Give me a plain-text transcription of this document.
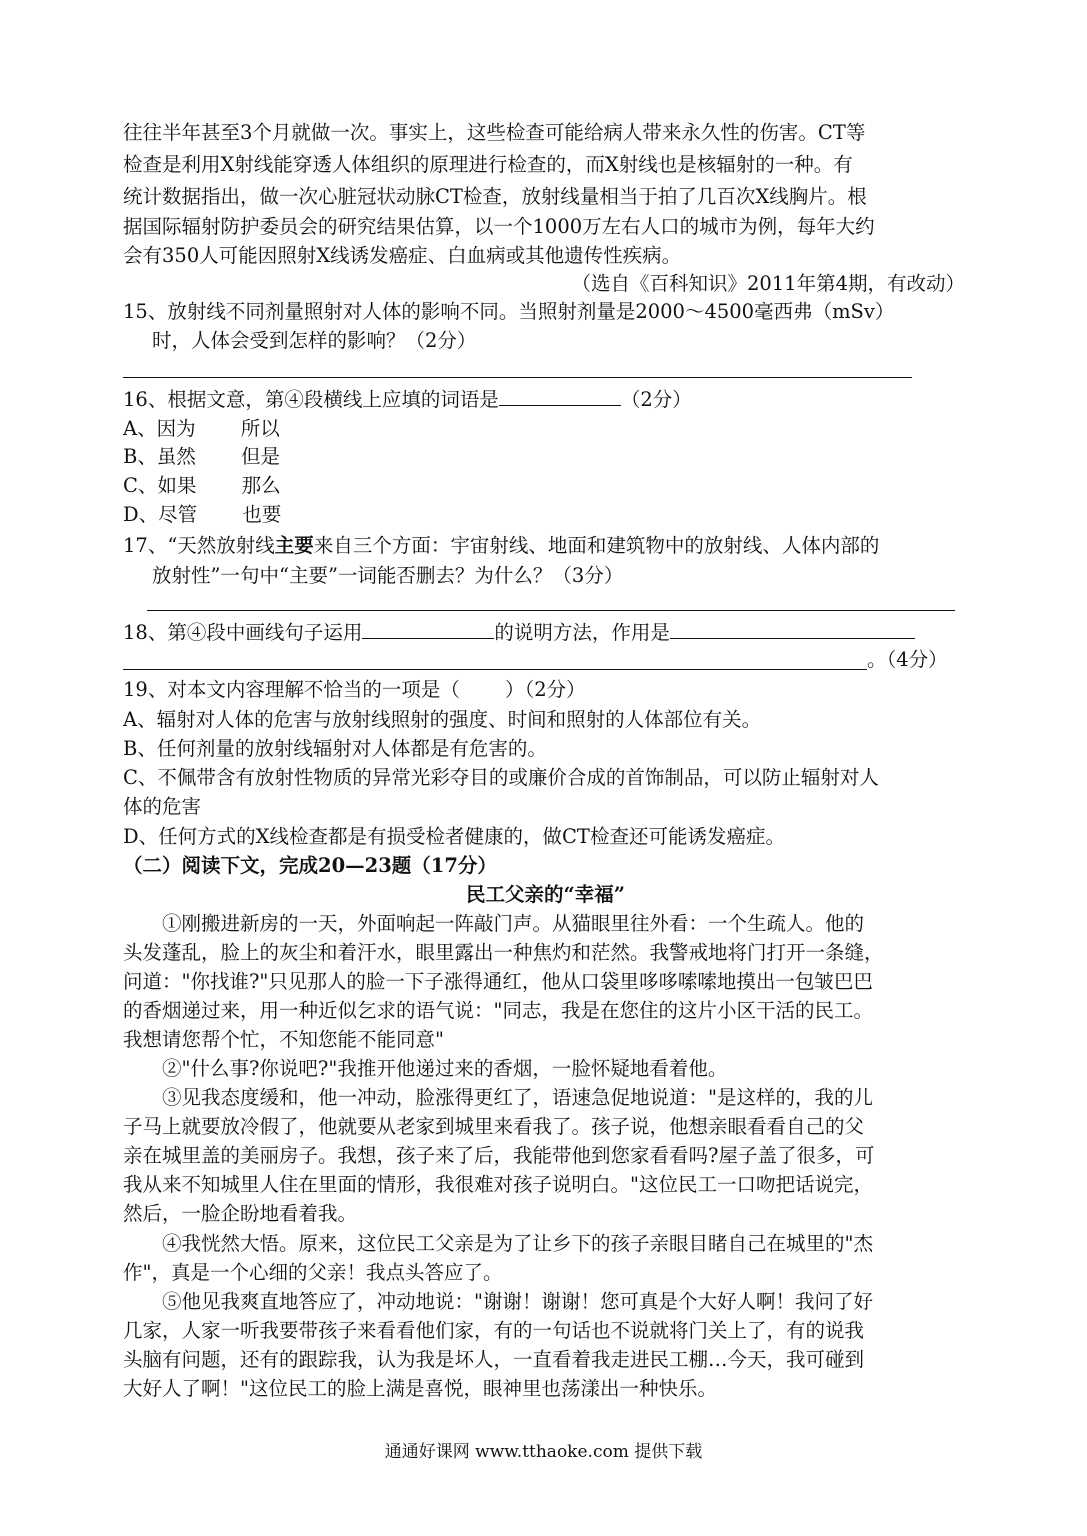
往往半年甚至3个月就做一次。事实上，这些检查可能给病人带来永久性的伤害。CT等
检查是利用X射线能穿透人体组织的原理进行检查的，而X射线也是核辐射的一种。有
统计数据指出，做一次心脏冠状动脉CT检查，放射线量相当于拍了几百次X线胸片。根
据国际辐射防护委员会的研究结果估算，以一个1000万左右人口的城市为例，每年大约
会有350人可能因照射X线诱发癌症、白血病或其他遗传性疾病。
（选自《百科知识》2011年第4期，有改动）
15、放射线不同剂量照射对人体的影响不同。当照射剂量是2000～4500毫西弗（mSv）
时，人体会受到怎样的影响？（2分）
16、根据文意，第④段横线上应填的词语是	（2分）
A、因为　　 所以
B、虽然　　 但是
C、如果　　 那么
D、尽管　　 也要
17、“天然放射线主要来自三个方面：宇宙射线、地面和建筑物中的放射线、人体内部的
放射性”一句中“主要”一词能否删去？为什么？（3分）
18、第④段中画线句子运用	的说明方法，作用是
。（4分）
19、对本文内容理解不恰当的一项是（　　 ）（2分）
A、辐射对人体的危害与放射线照射的强度、时间和照射的人体部位有关。
B、任何剂量的放射线辐射对人体都是有危害的。
C、不佩带含有放射性物质的异常光彩夺目的或廉价合成的首饰制品，可以防止辐射对人
体的危害
D、任何方式的X线检查都是有损受检者健康的，做CT检查还可能诱发癌症。
（二）阅读下文，完成20—23题（17分）
民工父亲的“幸福”
①刚搬进新房的一天，外面响起一阵敲门声。从猫眼里往外看：一个生疏人。他的
头发蓬乱，脸上的灰尘和着汗水，眼里露出一种焦灼和茫然。我警戒地将门打开一条缝，
问道："你找谁?"只见那人的脸一下子涨得通红，他从口袋里哆哆嗦嗦地摸出一包皱巴巴
的香烟递过来，用一种近似乞求的语气说："同志，我是在您住的这片小区干活的民工。
我想请您帮个忙，不知您能不能同意"
②"什么事?你说吧?"我推开他递过来的香烟，一脸怀疑地看着他。
③见我态度缓和，他一冲动，脸涨得更红了，语速急促地说道："是这样的，我的儿
子马上就要放冷假了，他就要从老家到城里来看我了。孩子说，他想亲眼看看自己的父
亲在城里盖的美丽房子。我想，孩子来了后，我能带他到您家看看吗?屋子盖了很多，可
我从来不知城里人住在里面的情形，我很难对孩子说明白。"这位民工一口吻把话说完，
然后，一脸企盼地看着我。
④我恍然大悟。原来，这位民工父亲是为了让乡下的孩子亲眼目睹自己在城里的"杰
作"，真是一个心细的父亲！我点头答应了。
⑤他见我爽直地答应了，冲动地说："谢谢！谢谢！您可真是个大好人啊！我问了好
几家，人家一听我要带孩子来看看他们家，有的一句话也不说就将门关上了，有的说我
头脑有问题，还有的跟踪我，认为我是坏人，一直看着我走进民工棚…今天，我可碰到
大好人了啊！"这位民工的脸上满是喜悦，眼神里也荡漾出一种快乐。
通通好课网 www.tthaoke.com 提供下载
